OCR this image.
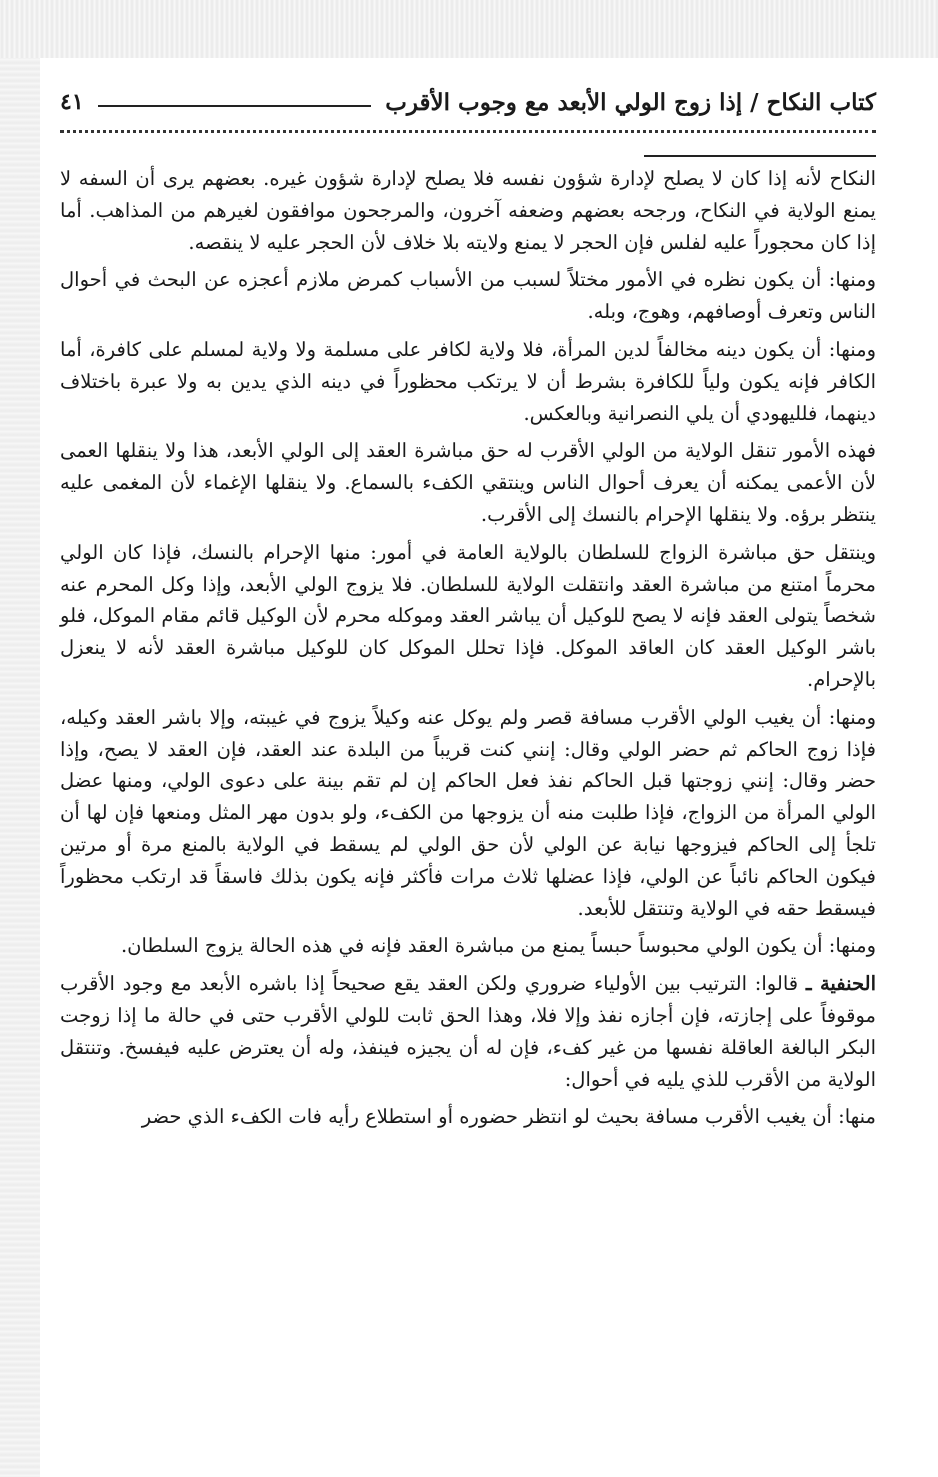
كتاب النكاح / إذا زوج الولي الأبعد مع وجوب الأقرب
٤١

النكاح لأنه إذا كان لا يصلح لإدارة شؤون نفسه فلا يصلح لإدارة شؤون غيره. بعضهم يرى أن السفه لا يمنع الولاية في النكاح، ورجحه بعضهم وضعفه آخرون، والمرجحون موافقون لغيرهم من المذاهب. أما إذا كان محجوراً عليه لفلس فإن الحجر لا يمنع ولايته بلا خلاف لأن الحجر عليه لا ينقصه.

ومنها: أن يكون نظره في الأمور مختلاً لسبب من الأسباب كمرض ملازم أعجزه عن البحث في أحوال الناس وتعرف أوصافهم، وهوج، وبله.

ومنها: أن يكون دينه مخالفاً لدين المرأة، فلا ولاية لكافر على مسلمة ولا ولاية لمسلم على كافرة، أما الكافر فإنه يكون ولياً للكافرة بشرط أن لا يرتكب محظوراً في دينه الذي يدين به ولا عبرة باختلاف دينهما، فلليهودي أن يلي النصرانية وبالعكس.

فهذه الأمور تنقل الولاية من الولي الأقرب له حق مباشرة العقد إلى الولي الأبعد، هذا ولا ينقلها العمى لأن الأعمى يمكنه أن يعرف أحوال الناس وينتقي الكفء بالسماع. ولا ينقلها الإغماء لأن المغمى عليه ينتظر برؤه. ولا ينقلها الإحرام بالنسك إلى الأقرب.

وينتقل حق مباشرة الزواج للسلطان بالولاية العامة في أمور: منها الإحرام بالنسك، فإذا كان الولي محرماً امتنع من مباشرة العقد وانتقلت الولاية للسلطان. فلا يزوج الولي الأبعد، وإذا وكل المحرم عنه شخصاً يتولى العقد فإنه لا يصح للوكيل أن يباشر العقد وموكله محرم لأن الوكيل قائم مقام الموكل، فلو باشر الوكيل العقد كان العاقد الموكل. فإذا تحلل الموكل كان للوكيل مباشرة العقد لأنه لا ينعزل بالإحرام.

ومنها: أن يغيب الولي الأقرب مسافة قصر ولم يوكل عنه وكيلاً يزوج في غيبته، وإلا باشر العقد وكيله، فإذا زوج الحاكم ثم حضر الولي وقال: إنني كنت قريباً من البلدة عند العقد، فإن العقد لا يصح، وإذا حضر وقال: إنني زوجتها قبل الحاكم نفذ فعل الحاكم إن لم تقم بينة على دعوى الولي، ومنها عضل الولي المرأة من الزواج، فإذا طلبت منه أن يزوجها من الكفء، ولو بدون مهر المثل ومنعها فإن لها أن تلجأ إلى الحاكم فيزوجها نيابة عن الولي لأن حق الولي لم يسقط في الولاية بالمنع مرة أو مرتين فيكون الحاكم نائباً عن الولي، فإذا عضلها ثلاث مرات فأكثر فإنه يكون بذلك فاسقاً قد ارتكب محظوراً فيسقط حقه في الولاية وتنتقل للأبعد.

ومنها: أن يكون الولي محبوساً حبساً يمنع من مباشرة العقد فإنه في هذه الحالة يزوج السلطان.

الحنفية ـ قالوا: الترتيب بين الأولياء ضروري ولكن العقد يقع صحيحاً إذا باشره الأبعد مع وجود الأقرب موقوفاً على إجازته، فإن أجازه نفذ وإلا فلا، وهذا الحق ثابت للولي الأقرب حتى في حالة ما إذا زوجت البكر البالغة العاقلة نفسها من غير كفء، فإن له أن يجيزه فينفذ، وله أن يعترض عليه فيفسخ. وتنتقل الولاية من الأقرب للذي يليه في أحوال:

منها: أن يغيب الأقرب مسافة بحيث لو انتظر حضوره أو استطلاع رأيه فات الكفء الذي حضر
